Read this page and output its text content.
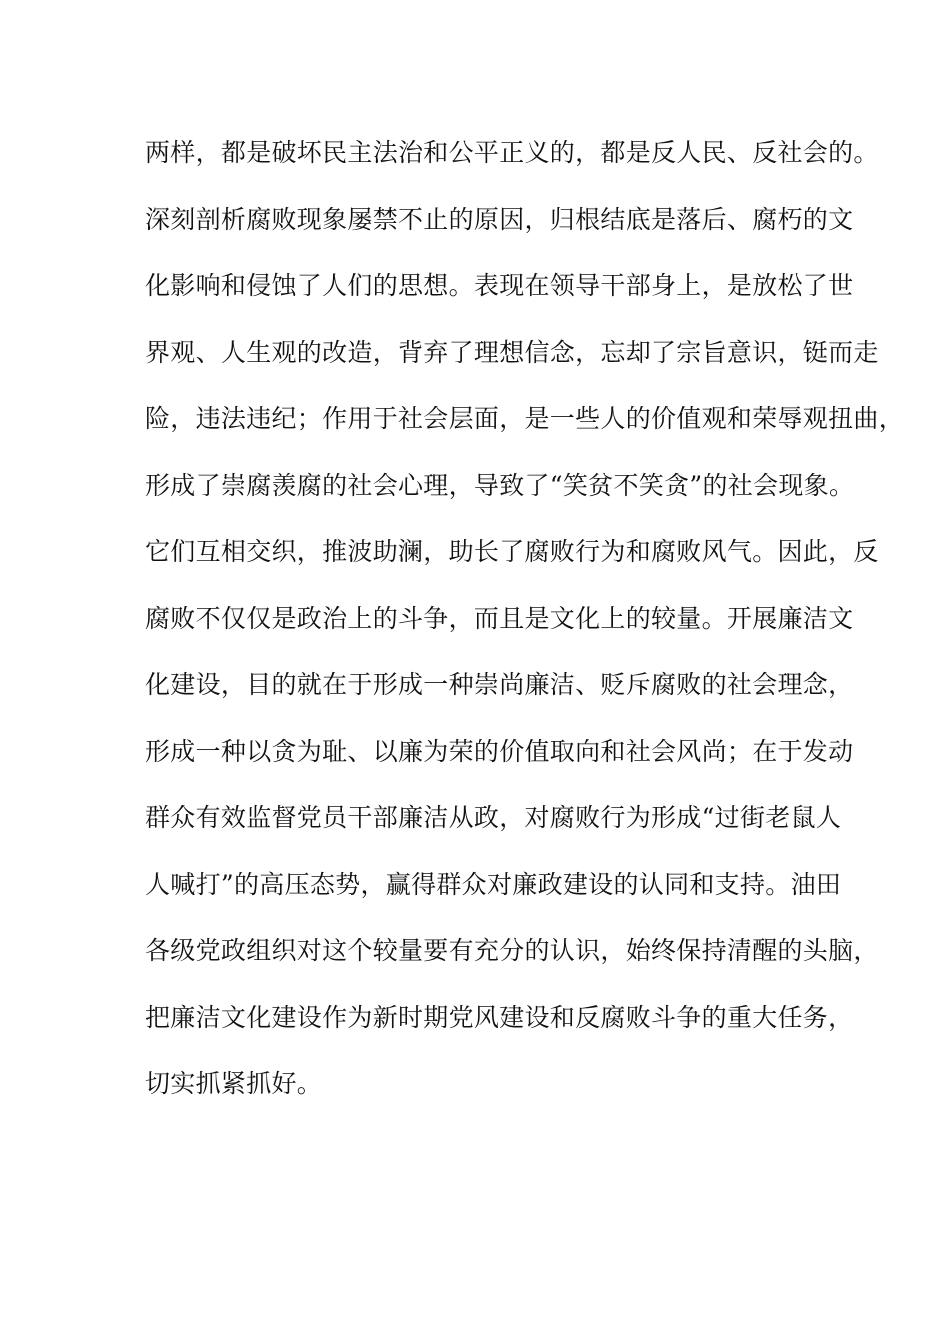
两样，都是破坏民主法治和公平正义的，都是反人民、反社会的。
深刻剖析腐败现象屡禁不止的原因，归根结底是落后、腐朽的文
化影响和侵蚀了人们的思想。表现在领导干部身上，是放松了世
界观、人生观的改造，背弃了理想信念，忘却了宗旨意识，铤而走
险，违法违纪；作用于社会层面，是一些人的价值观和荣辱观扭曲，
形成了崇腐羡腐的社会心理，导致了“笑贫不笑贪”的社会现象。
它们互相交织，推波助澜，助长了腐败行为和腐败风气。因此，反
腐败不仅仅是政治上的斗争，而且是文化上的较量。开展廉洁文
化建设，目的就在于形成一种崇尚廉洁、贬斥腐败的社会理念，
形成一种以贪为耻、以廉为荣的价值取向和社会风尚；在于发动
群众有效监督党员干部廉洁从政，对腐败行为形成“过街老鼠人
人喊打”的高压态势，赢得群众对廉政建设的认同和支持。油田
各级党政组织对这个较量要有充分的认识，始终保持清醒的头脑，
把廉洁文化建设作为新时期党风建设和反腐败斗争的重大任务，
切实抓紧抓好。
